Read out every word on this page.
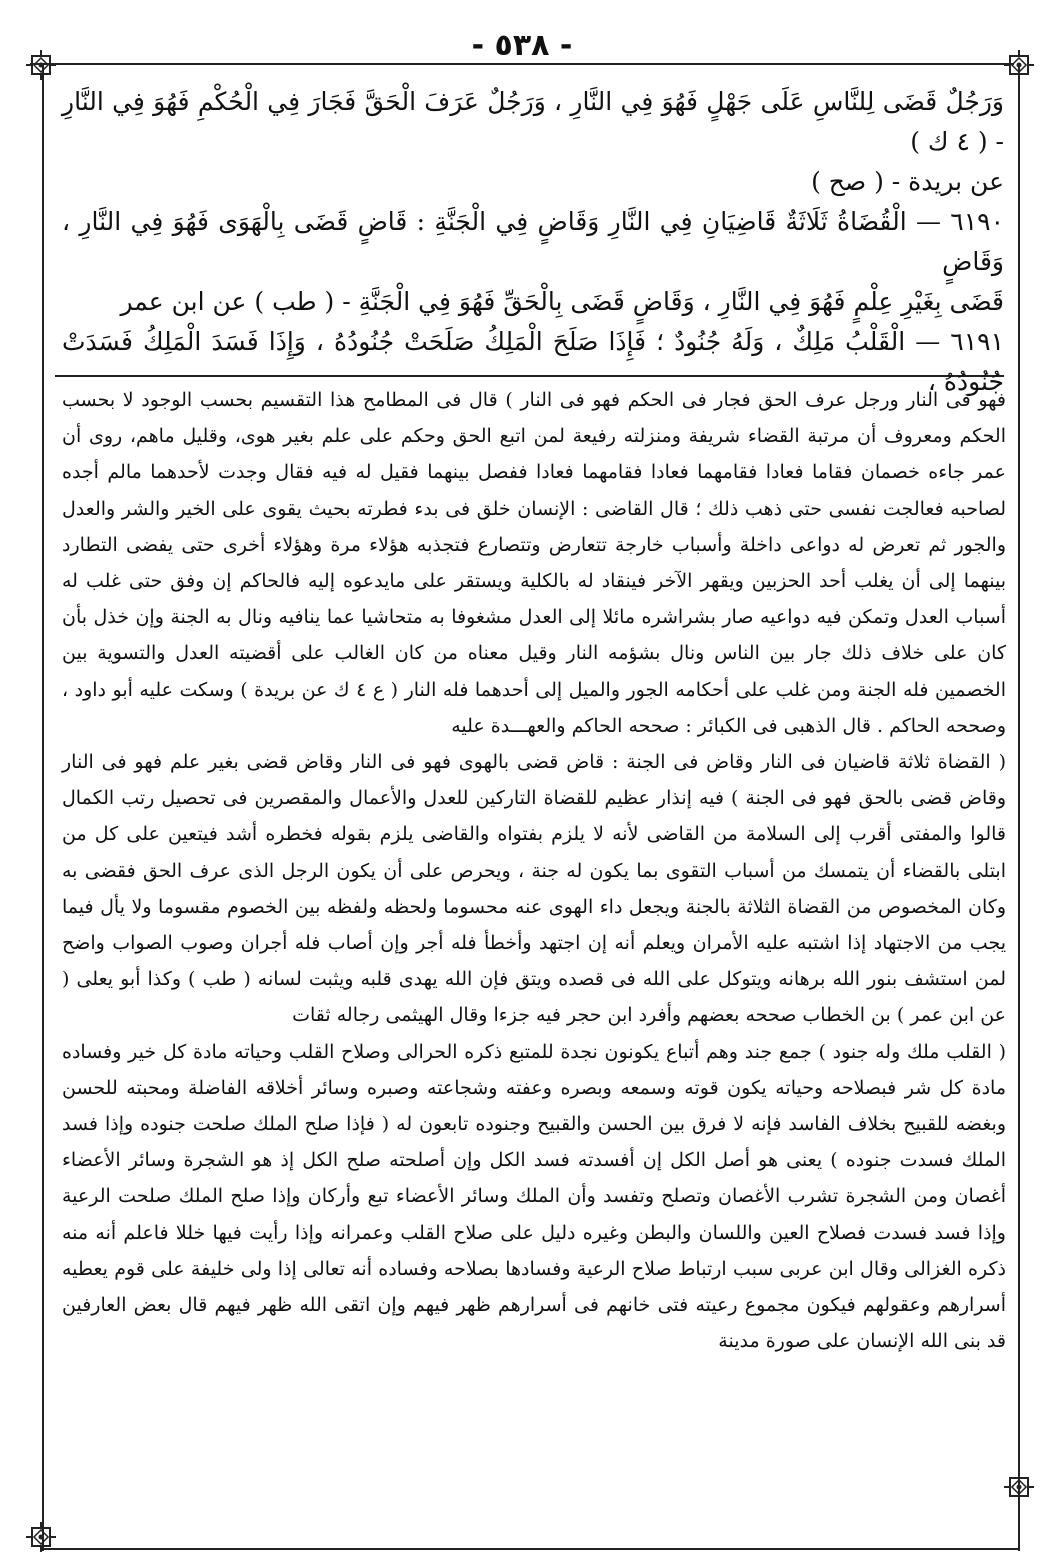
- ٥٣٨ -

وَرَجُلٌ قَضَى لِلنَّاسِ عَلَى جَهْلٍ فَهُوَ فِي النَّارِ ، وَرَجُلٌ عَرَفَ الْحَقَّ فَجَارَ فِي الْحُكْمِ فَهُوَ فِي النَّارِ - ( ٤ ك )

عن بريدة - ( صح )

٦١٩٠ — الْقُضَاةُ ثَلَاثَةٌ قَاضِيَانِ فِي النَّارِ وَقَاضٍ فِي الْجَنَّةِ : قَاضٍ قَضَى بِالْهَوَى فَهُوَ فِي النَّارِ ، وَقَاضٍ

قَضَى بِغَيْرِ عِلْمٍ فَهُوَ فِي النَّارِ ، وَقَاضٍ قَضَى بِالْحَقِّ فَهُوَ فِي الْجَنَّةِ - ( طب ) عن ابن عمر

٦١٩١ — الْقَلْبُ مَلِكٌ ، وَلَهُ جُنُودٌ ؛ فَإِذَا صَلَحَ الْمَلِكُ صَلَحَتْ جُنُودُهُ ، وَإِذَا فَسَدَ الْمَلِكُ فَسَدَتْ جُنُودُهُ ،

فهو فى النار ورجل عرف الحق فجار فى الحكم فهو فى النار ) قال فى المطامح هذا التقسيم بحسب الوجود لا بحسب الحكم ومعروف أن مرتبة القضاء شريفة ومنزلته رفيعة لمن اتبع الحق وحكم على علم بغير هوى، وقليل ماهم، روى أن عمر جاءه خصمان فقاما فعادا فقامهما فعادا فقامهما فعادا ففصل بينهما فقيل له فيه فقال وجدت لأحدهما مالم أجده لصاحبه فعالجت نفسى حتى ذهب ذلك ؛ قال القاضى : الإنسان خلق فى بدء فطرته بحيث يقوى على الخير والشر والعدل والجور ثم تعرض له دواعى داخلة وأسباب خارجة تتعارض وتتصارع فتجذبه هؤلاء مرة وهؤلاء أخرى حتى يفضى التطارد بينهما إلى أن يغلب أحد الحزبين ويقهر الآخر فينقاد له بالكلية ويستقر على مايدعوه إليه فالحاكم إن وفق حتى غلب له أسباب العدل وتمكن فيه دواعيه صار بشراشره مائلا إلى العدل مشغوفا به متحاشيا عما ينافيه ونال به الجنة وإن خذل بأن كان على خلاف ذلك جار بين الناس ونال بشؤمه النار وقيل معناه من كان الغالب على أقضيته العدل والتسوية بين الخصمين فله الجنة ومن غلب على أحكامه الجور والميل إلى أحدهما فله النار ( ع ٤ ك عن بريدة ) وسكت عليه أبو داود ، وصححه الحاكم . قال الذهبى فى الكبائر : صححه الحاكم والعهـــدة عليه

( القضاة ثلاثة قاضيان فى النار وقاض فى الجنة : قاض قضى بالهوى فهو فى النار وقاض قضى بغير علم فهو فى النار وقاض قضى بالحق فهو فى الجنة ) فيه إنذار عظيم للقضاة التاركين للعدل والأعمال والمقصرين فى تحصيل رتب الكمال قالوا والمفتى أقرب إلى السلامة من القاضى لأنه لا يلزم بفتواه والقاضى يلزم بقوله فخطره أشد فيتعين على كل من ابتلى بالقضاء أن يتمسك من أسباب التقوى بما يكون له جنة ، ويحرص على أن يكون الرجل الذى عرف الحق فقضى به وكان المخصوص من القضاة الثلاثة بالجنة ويجعل داء الهوى عنه محسوما ولحظه ولفظه بين الخصوم مقسوما ولا يأل فيما يجب من الاجتهاد إذا اشتبه عليه الأمران ويعلم أنه إن اجتهد وأخطأ فله أجر وإن أصاب فله أجران وصوب الصواب واضح لمن استشف بنور الله برهانه ويتوكل على الله فى قصده ويتق فإن الله يهدى قلبه ويثبت لسانه ( طب ) وكذا أبو يعلى ( عن ابن عمر ) بن الخطاب صححه بعضهم وأفرد ابن حجر فيه جزءا وقال الهيثمى رجاله ثقات

( القلب ملك وله جنود ) جمع جند وهم أتباع يكونون نجدة للمتبع ذكره الحرالى وصلاح القلب وحياته مادة كل خير وفساده مادة كل شر فبصلاحه وحياته يكون قوته وسمعه وبصره وعفته وشجاعته وصبره وسائر أخلاقه الفاضلة ومحبته للحسن وبغضه للقبيح بخلاف الفاسد فإنه لا فرق بين الحسن والقبيح وجنوده تابعون له ( فإذا صلح الملك صلحت جنوده وإذا فسد الملك فسدت جنوده ) يعنى هو أصل الكل إن أفسدته فسد الكل وإن أصلحته صلح الكل إذ هو الشجرة وسائر الأعضاء أغصان ومن الشجرة تشرب الأغصان وتصلح وتفسد وأن الملك وسائر الأعضاء تبع وأركان وإذا صلح الملك صلحت الرعية وإذا فسد فسدت فصلاح العين واللسان والبطن وغيره دليل على صلاح القلب وعمرانه وإذا رأيت فيها خللا فاعلم أنه منه ذكره الغزالى وقال ابن عربى سبب ارتباط صلاح الرعية وفسادها بصلاحه وفساده أنه تعالى إذا ولى خليفة على قوم يعطيه أسرارهم وعقولهم فيكون مجموع رعيته فتى خانهم فى أسرارهم ظهر فيهم وإن اتقى الله ظهر فيهم قال بعض العارفين قد بنى الله الإنسان على صورة مدينة
